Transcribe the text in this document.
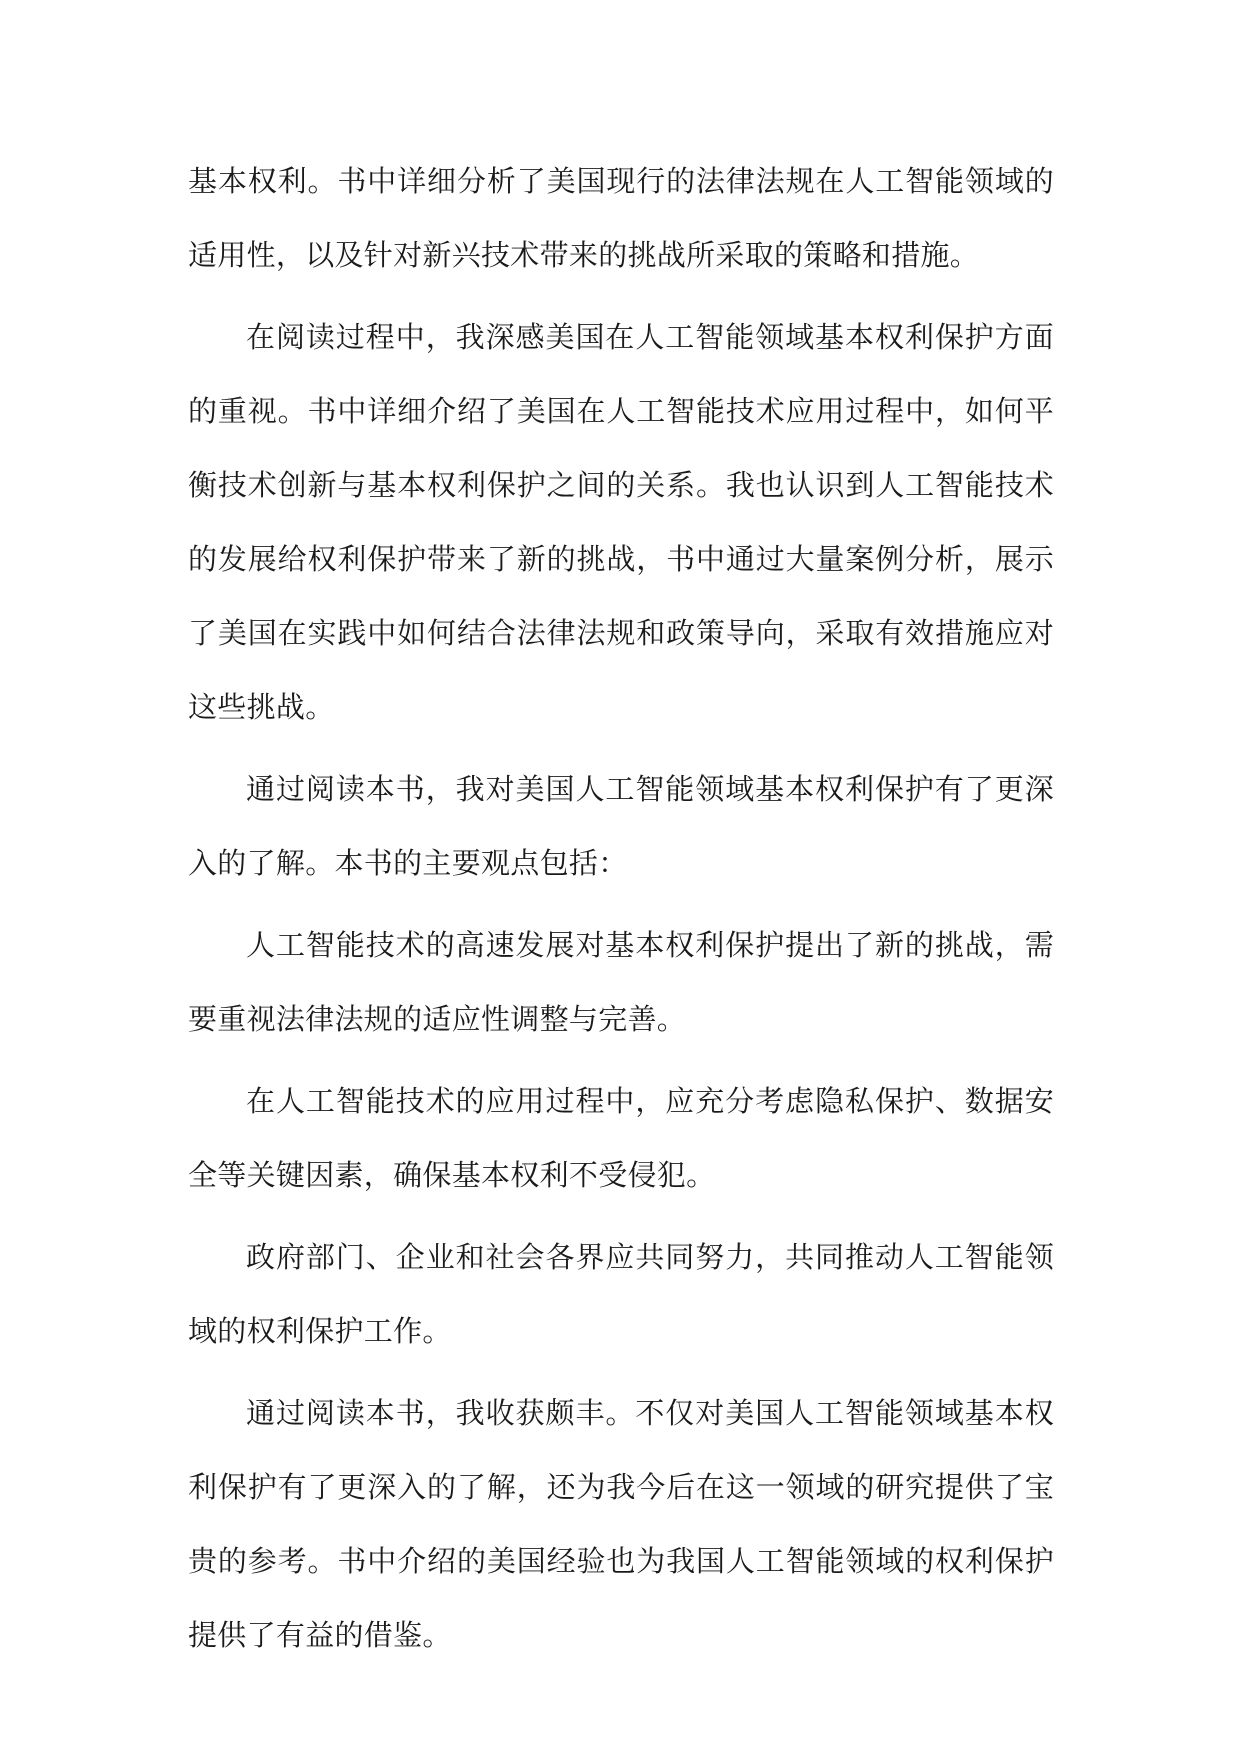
基本权利。书中详细分析了美国现行的法律法规在人工智能领域的适用性，以及针对新兴技术带来的挑战所采取的策略和措施。

在阅读过程中，我深感美国在人工智能领域基本权利保护方面的重视。书中详细介绍了美国在人工智能技术应用过程中，如何平衡技术创新与基本权利保护之间的关系。我也认识到人工智能技术的发展给权利保护带来了新的挑战，书中通过大量案例分析，展示了美国在实践中如何结合法律法规和政策导向，采取有效措施应对这些挑战。

通过阅读本书，我对美国人工智能领域基本权利保护有了更深入的了解。本书的主要观点包括：

人工智能技术的高速发展对基本权利保护提出了新的挑战，需要重视法律法规的适应性调整与完善。

在人工智能技术的应用过程中，应充分考虑隐私保护、数据安全等关键因素，确保基本权利不受侵犯。

政府部门、企业和社会各界应共同努力，共同推动人工智能领域的权利保护工作。

通过阅读本书，我收获颇丰。不仅对美国人工智能领域基本权利保护有了更深入的了解，还为我今后在这一领域的研究提供了宝贵的参考。书中介绍的美国经验也为我国人工智能领域的权利保护提供了有益的借鉴。
